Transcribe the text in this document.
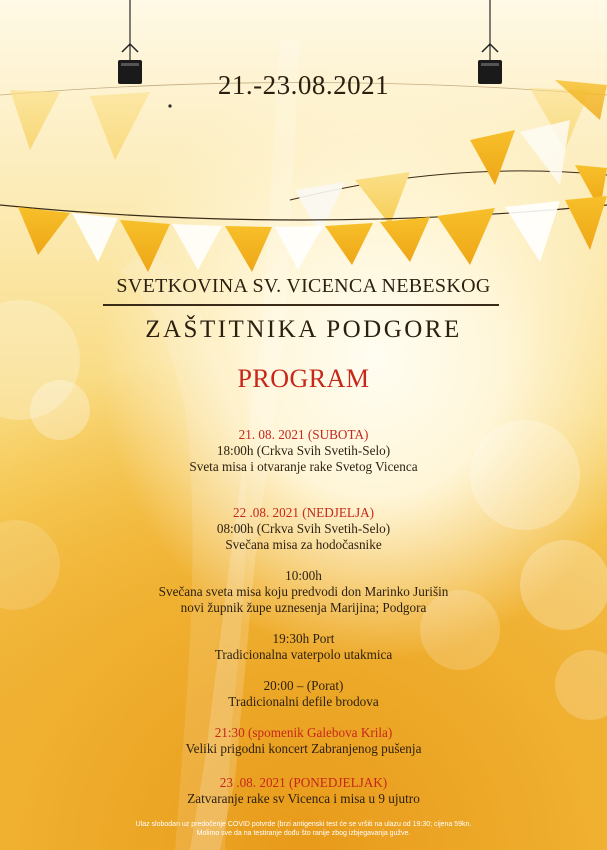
21.-23.08.2021
SVETKOVINA SV. VICENCA NEBESKOG
ZAŠTITNIKA PODGORE
PROGRAM
21. 08. 2021 (SUBOTA)
18:00h (Crkva Svih Svetih-Selo)
Sveta misa i otvaranje rake Svetog Vicenca
22 .08. 2021 (NEDJELJA)
08:00h (Crkva Svih Svetih-Selo)
Svečana misa za hodočasnike
10:00h
Svečana sveta misa koju predvodi don Marinko Jurišin
novi župnik župe uznesenja Marijina; Podgora
19:30h Port
Tradicionalna vaterpolo utakmica
20:00 – (Porat)
Tradicionalni defile brodova
21:30 (spomenik Galebova Krila)
Veliki prigodni koncert Zabranjenog pušenja
23 .08. 2021 (PONEDJELJAK)
Zatvaranje rake sv Vicenca i misa u 9 ujutro
Ulaz slobodan uz predočenje COVID potvrde (brzi antigenski test će se vršiti na ulazu od 19:30; cijena 59kn.
Molimo sve da na testiranje dođu što ranije zbog izbjegavanja gužve.
